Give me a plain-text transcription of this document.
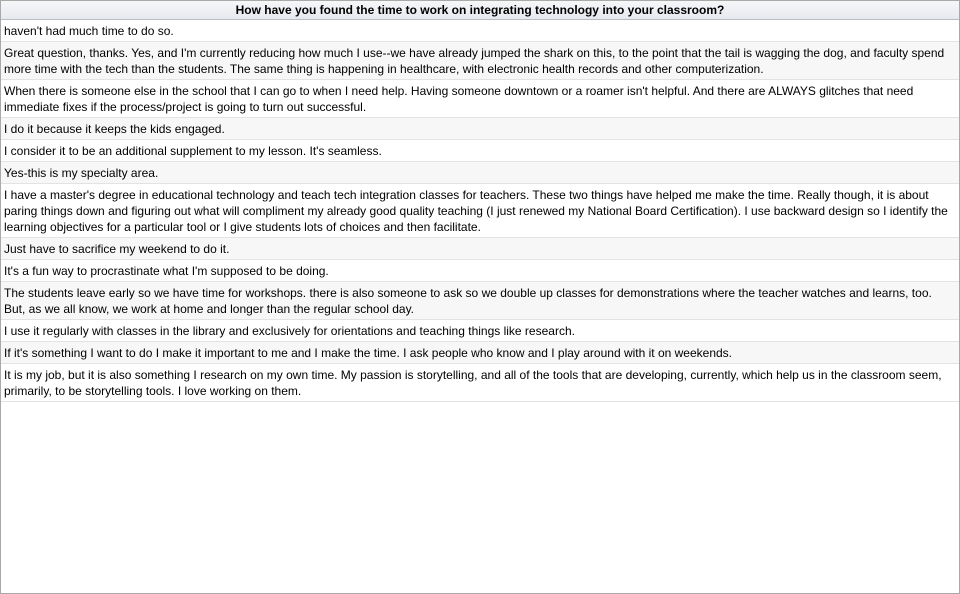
How have you found the time to work on integrating technology into your classroom?
haven't had much time to do so.
Great question, thanks. Yes, and I'm currently reducing how much I use--we have already jumped the shark on this, to the point that the tail is wagging the dog, and faculty spend more time with the tech than the students. The same thing is happening in healthcare, with electronic health records and other computerization.
When there is someone else in the school that I can go to when I need help. Having someone downtown or a roamer isn't helpful. And there are ALWAYS glitches that need immediate fixes if the process/project is going to turn out successful.
I do it because it keeps the kids engaged.
I consider it to be an additional supplement to my lesson. It's seamless.
Yes-this is my specialty area.
I have a master's degree in educational technology and teach tech integration classes for teachers. These two things have helped me make the time. Really though, it is about paring things down and figuring out what will compliment my already good quality teaching (I just renewed my National Board Certification). I use backward design so I identify the learning objectives for a particular tool or I give students lots of choices and then facilitate.
Just have to sacrifice my weekend to do it.
It's a fun way to procrastinate what I'm supposed to be doing.
The students leave early so we have time for workshops. there is also someone to ask so we double up classes for demonstrations where the teacher watches and learns, too. But, as we all know, we work at home and longer than the regular school day.
I use it regularly with classes in the library and exclusively for orientations and teaching things like research.
If it's something I want to do I make it important to me and I make the time. I ask people who know and I play around with it on weekends.
It is my job, but it is also something I research on my own time. My passion is storytelling, and all of the tools that are developing, currently, which help us in the classroom seem, primarily, to be storytelling tools. I love working on them.
